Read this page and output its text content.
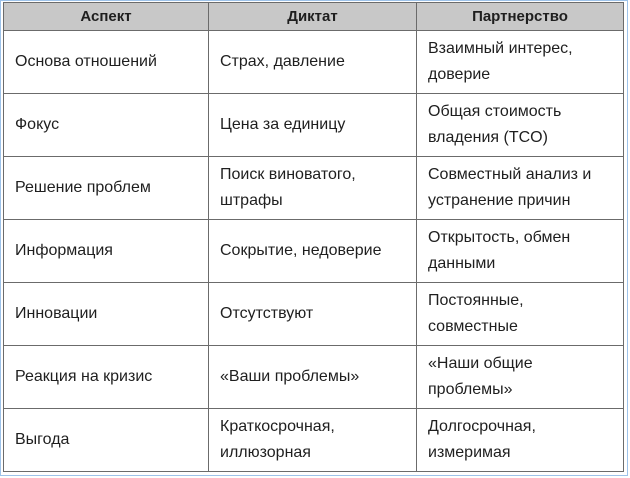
Аспект	Диктат	Партнерство
Основа отношений	Страх, давление	Взаимный интерес, доверие
Фокус	Цена за единицу	Общая стоимость владения (TCO)
Решение проблем	Поиск виноватого, штрафы	Совместный анализ и устранение причин
Информация	Сокрытие, недоверие	Открытость, обмен данными
Инновации	Отсутствуют	Постоянные, совместные
Реакция на кризис	«Ваши проблемы»	«Наши общие проблемы»
Выгода	Краткосрочная, иллюзорная	Долгосрочная, измеримая
